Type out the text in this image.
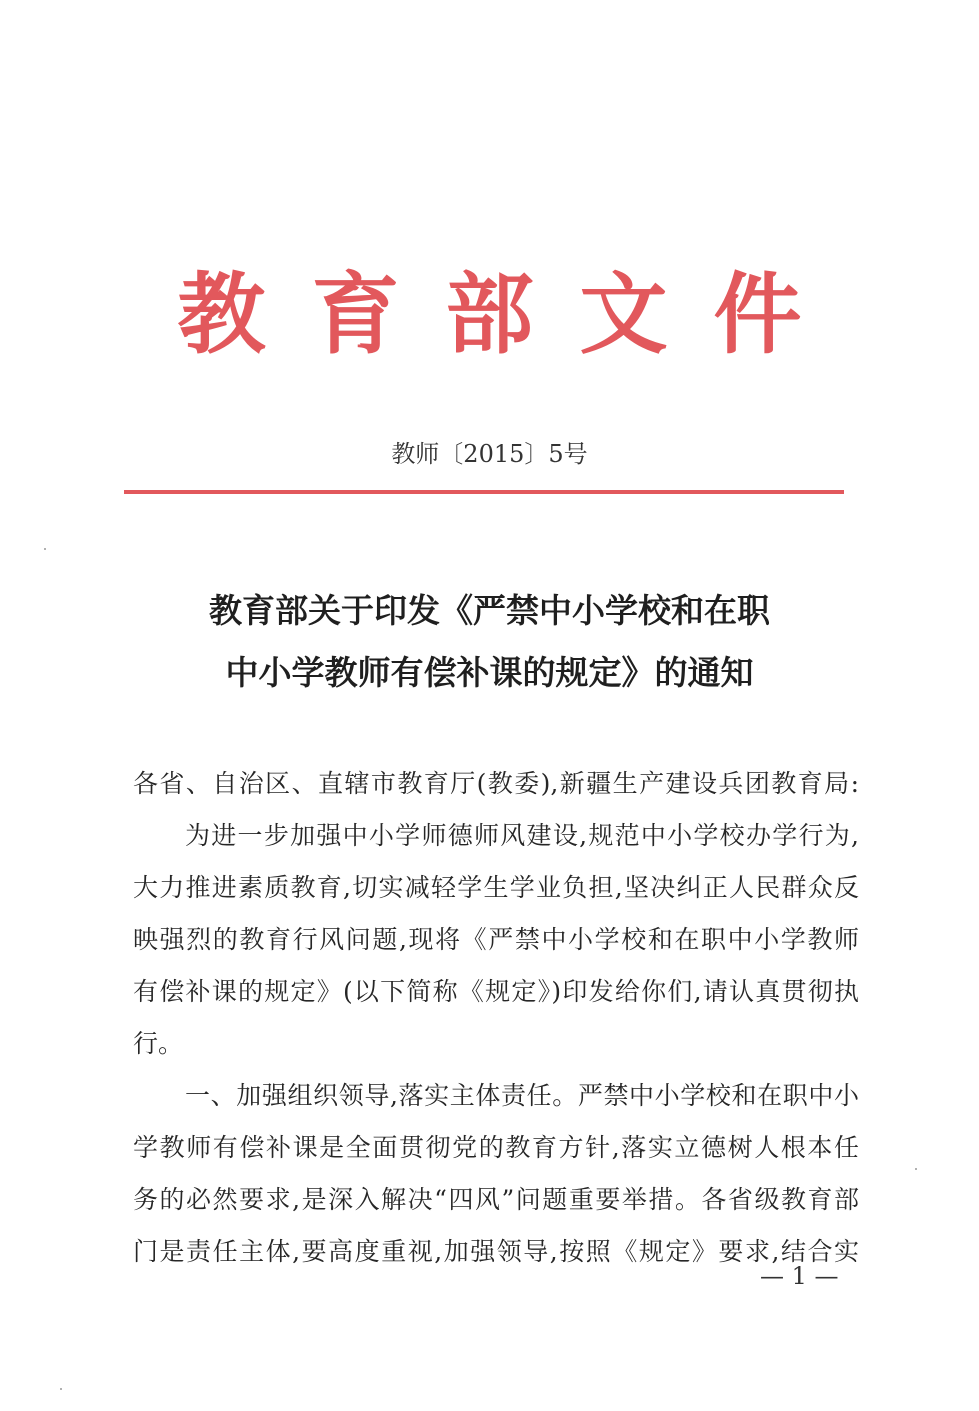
教育部文件
教师〔2015〕5号
教育部关于印发《严禁中小学校和在职
中小学教师有偿补课的规定》的通知
各省、自治区、直辖市教育厅(教委),新疆生产建设兵团教育局:
为进一步加强中小学师德师风建设,规范中小学校办学行为,
大力推进素质教育,切实减轻学生学业负担,坚决纠正人民群众反
映强烈的教育行风问题,现将《严禁中小学校和在职中小学教师
有偿补课的规定》(以下简称《规定》)印发给你们,请认真贯彻执
行。
一、加强组织领导,落实主体责任。严禁中小学校和在职中小
学教师有偿补课是全面贯彻党的教育方针,落实立德树人根本任
务的必然要求,是深入解决“四风”问题重要举措。各省级教育部
门是责任主体,要高度重视,加强领导,按照《规定》要求,结合实
— 1 —
